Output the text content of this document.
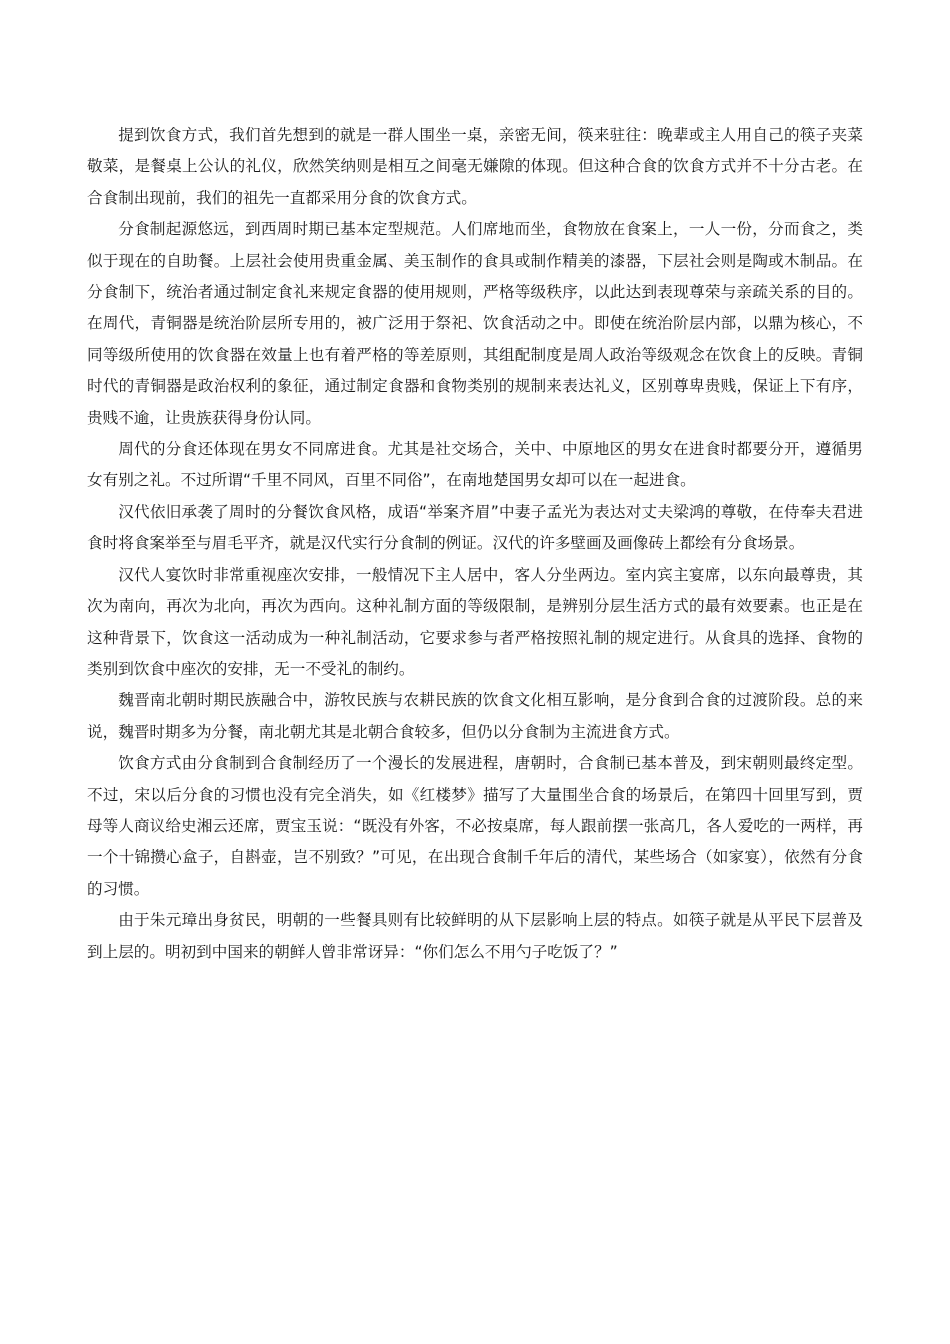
提到饮食方式，我们首先想到的就是一群人围坐一桌，亲密无间，筷来驻往：晚辈或主人用自己的筷子夹菜敬菜，是餐桌上公认的礼仪，欣然笑纳则是相互之间毫无嫌隙的体现。但这种合食的饮食方式并不十分古老。在合食制出现前，我们的祖先一直都采用分食的饮食方式。

分食制起源悠远，到西周时期已基本定型规范。人们席地而坐，食物放在食案上，一人一份，分而食之，类似于现在的自助餐。上层社会使用贵重金属、美玉制作的食具或制作精美的漆器，下层社会则是陶或木制品。在分食制下，统治者通过制定食礼来规定食器的使用规则，严格等级秩序，以此达到表现尊荣与亲疏关系的目的。在周代，青铜器是统治阶层所专用的，被广泛用于祭祀、饮食活动之中。即使在统治阶层内部，以鼎为核心，不同等级所使用的饮食器在效量上也有着严格的等差原则，其组配制度是周人政治等级观念在饮食上的反映。青铜时代的青铜器是政治权利的象征，通过制定食器和食物类别的规制来表达礼义，区别尊卑贵贱，保证上下有序，贵贱不逾，让贵族获得身份认同。

周代的分食还体现在男女不同席进食。尤其是社交场合，关中、中原地区的男女在进食时都要分开，遵循男女有别之礼。不过所谓“千里不同风，百里不同俗”，在南地楚国男女却可以在一起进食。

汉代依旧承袭了周时的分餐饮食风格，成语“举案齐眉”中妻子孟光为表达对丈夫梁鸿的尊敬，在侍奉夫君进食时将食案举至与眉毛平齐，就是汉代实行分食制的例证。汉代的许多壁画及画像砖上都绘有分食场景。

汉代人宴饮时非常重视座次安排，一般情况下主人居中，客人分坐两边。室内宾主宴席，以东向最尊贵，其次为南向，再次为北向，再次为西向。这种礼制方面的等级限制，是辨别分层生活方式的最有效要素。也正是在这种背景下，饮食这一活动成为一种礼制活动，它要求参与者严格按照礼制的规定进行。从食具的选择、食物的类别到饮食中座次的安排，无一不受礼的制约。

魏晋南北朝时期民族融合中，游牧民族与农耕民族的饮食文化相互影响，是分食到合食的过渡阶段。总的来说，魏晋时期多为分餐，南北朝尤其是北朝合食较多，但仍以分食制为主流进食方式。

饮食方式由分食制到合食制经历了一个漫长的发展进程，唐朝时，合食制已基本普及，到宋朝则最终定型。不过，宋以后分食的习惯也没有完全消失，如《红楼梦》描写了大量围坐合食的场景后，在第四十回里写到，贾母等人商议给史湘云还席，贾宝玉说：“既没有外客，不必按桌席，每人跟前摆一张高几，各人爱吃的一两样，再一个十锦攒心盒子，自斟壶，岂不别致？”可见，在出现合食制千年后的清代，某些场合（如家宴），依然有分食的习惯。

由于朱元璋出身贫民，明朝的一些餐具则有比较鲜明的从下层影响上层的特点。如筷子就是从平民下层普及到上层的。明初到中国来的朝鲜人曾非常讶异：“你们怎么不用勺子吃饭了？”
